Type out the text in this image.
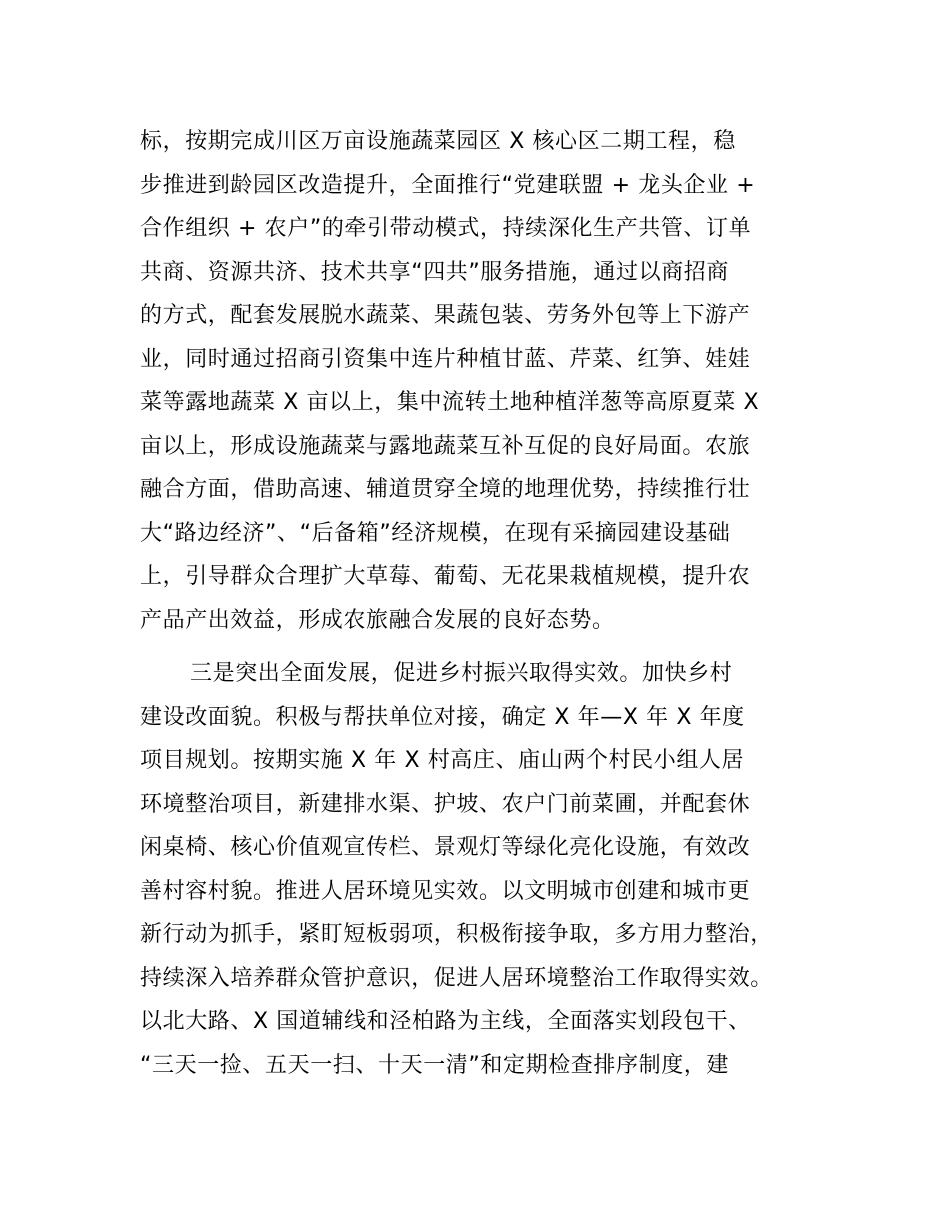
标，按期完成川区万亩设施蔬菜园区 X 核心区二期工程，稳
步推进到龄园区改造提升，全面推行“党建联盟 + 龙头企业 +
合作组织 + 农户”的牵引带动模式，持续深化生产共管、订单
共商、资源共济、技术共享“四共”服务措施，通过以商招商
的方式，配套发展脱水蔬菜、果蔬包装、劳务外包等上下游产
业，同时通过招商引资集中连片种植甘蓝、芹菜、红笋、娃娃
菜等露地蔬菜 X 亩以上，集中流转土地种植洋葱等高原夏菜 X
亩以上，形成设施蔬菜与露地蔬菜互补互促的良好局面。农旅
融合方面，借助高速、辅道贯穿全境的地理优势，持续推行壮
大“路边经济”、“后备箱”经济规模，在现有采摘园建设基础
上，引导群众合理扩大草莓、葡萄、无花果栽植规模，提升农
产品产出效益，形成农旅融合发展的良好态势。
三是突出全面发展，促进乡村振兴取得实效。加快乡村
建设改面貌。积极与帮扶单位对接，确定 X 年—X 年 X 年度
项目规划。按期实施 X 年 X 村高庄、庙山两个村民小组人居
环境整治项目，新建排水渠、护坡、农户门前菜圃，并配套休
闲桌椅、核心价值观宣传栏、景观灯等绿化亮化设施，有效改
善村容村貌。推进人居环境见实效。以文明城市创建和城市更
新行动为抓手，紧盯短板弱项，积极衔接争取，多方用力整治，
持续深入培养群众管护意识，促进人居环境整治工作取得实效。
以北大路、X 国道辅线和泾柏路为主线，全面落实划段包干、
“三天一捡、五天一扫、十天一清”和定期检查排序制度，建
